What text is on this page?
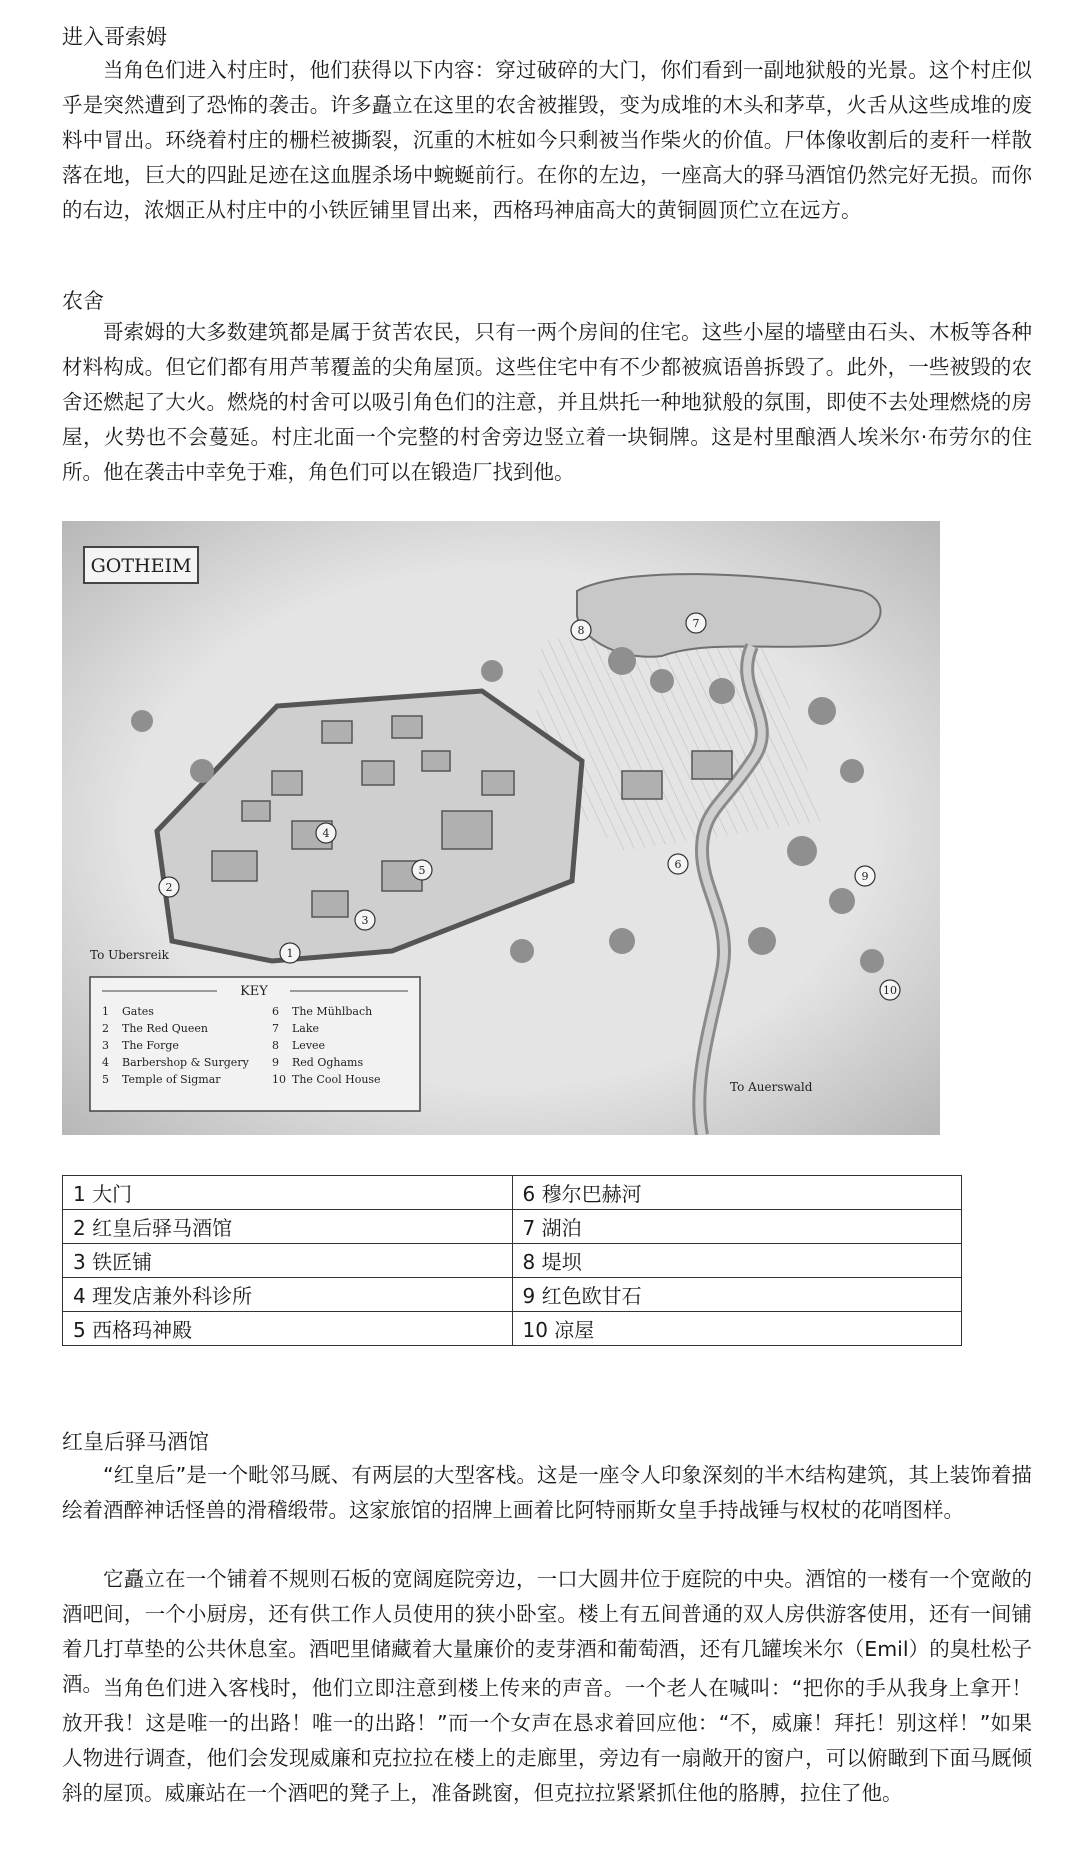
进入哥索姆

当角色们进入村庄时，他们获得以下内容：穿过破碎的大门，你们看到一副地狱般的光景。这个村庄似乎是突然遭到了恐怖的袭击。许多矗立在这里的农舍被摧毁，变为成堆的木头和茅草，火舌从这些成堆的废料中冒出。环绕着村庄的栅栏被撕裂，沉重的木桩如今只剩被当作柴火的价值。尸体像收割后的麦秆一样散落在地，巨大的四趾足迹在这血腥杀场中蜿蜒前行。在你的左边，一座高大的驿马酒馆仍然完好无损。而你的右边，浓烟正从村庄中的小铁匠铺里冒出来，西格玛神庙高大的黄铜圆顶伫立在远方。

农舍

哥索姆的大多数建筑都是属于贫苦农民，只有一两个房间的住宅。这些小屋的墙壁由石头、木板等各种材料构成。但它们都有用芦苇覆盖的尖角屋顶。这些住宅中有不少都被疯语兽拆毁了。此外，一些被毁的农舍还燃起了大火。燃烧的村舍可以吸引角色们的注意，并且烘托一种地狱般的氛围，即使不去处理燃烧的房屋，火势也不会蔓延。村庄北面一个完整的村舍旁边竖立着一块铜牌。这是村里酿酒人埃米尔·布劳尔的住所。他在袭击中幸免于难，角色们可以在锻造厂找到他。

GOTHEIM
1
2
3
4
5	6
7
8
9
10
To Ubersreik
To Auerswald
KEY
1 Gates
2 The Red Queen
3 The Forge
4 Barbershop & Surgery
5 Temple of Sigmar
6 The Mühlbach
7 Lake
8 Levee
9 Red Oghams
10 The Cool House
1 大门	6 穆尔巴赫河
2 红皇后驿马酒馆	7 湖泊
3 铁匠铺	8 堤坝
4 理发店兼外科诊所	9 红色欧甘石
5 西格玛神殿	10 凉屋
红皇后驿马酒馆

“红皇后”是一个毗邻马厩、有两层的大型客栈。这是一座令人印象深刻的半木结构建筑，其上装饰着描绘着酒醉神话怪兽的滑稽缎带。这家旅馆的招牌上画着比阿特丽斯女皇手持战锤与权杖的花哨图样。

它矗立在一个铺着不规则石板的宽阔庭院旁边，一口大圆井位于庭院的中央。酒馆的一楼有一个宽敞的酒吧间，一个小厨房，还有供工作人员使用的狭小卧室。楼上有五间普通的双人房供游客使用，还有一间铺着几打草垫的公共休息室。酒吧里储藏着大量廉价的麦芽酒和葡萄酒，还有几罐埃米尔（Emil）的臭杜松子酒。 当角色们进入客栈时，他们立即注意到楼上传来的声音。一个老人在喊叫：“把你的手从我身上拿开！放开我！这是唯一的出路！唯一的出路！”而一个女声在恳求着回应他：“不，威廉！拜托！别这样！”如果人物进行调查，他们会发现威廉和克拉拉在楼上的走廊里，旁边有一扇敞开的窗户，可以俯瞰到下面马厩倾斜的屋顶。威廉站在一个酒吧的凳子上，准备跳窗，但克拉拉紧紧抓住他的胳膊，拉住了他。
